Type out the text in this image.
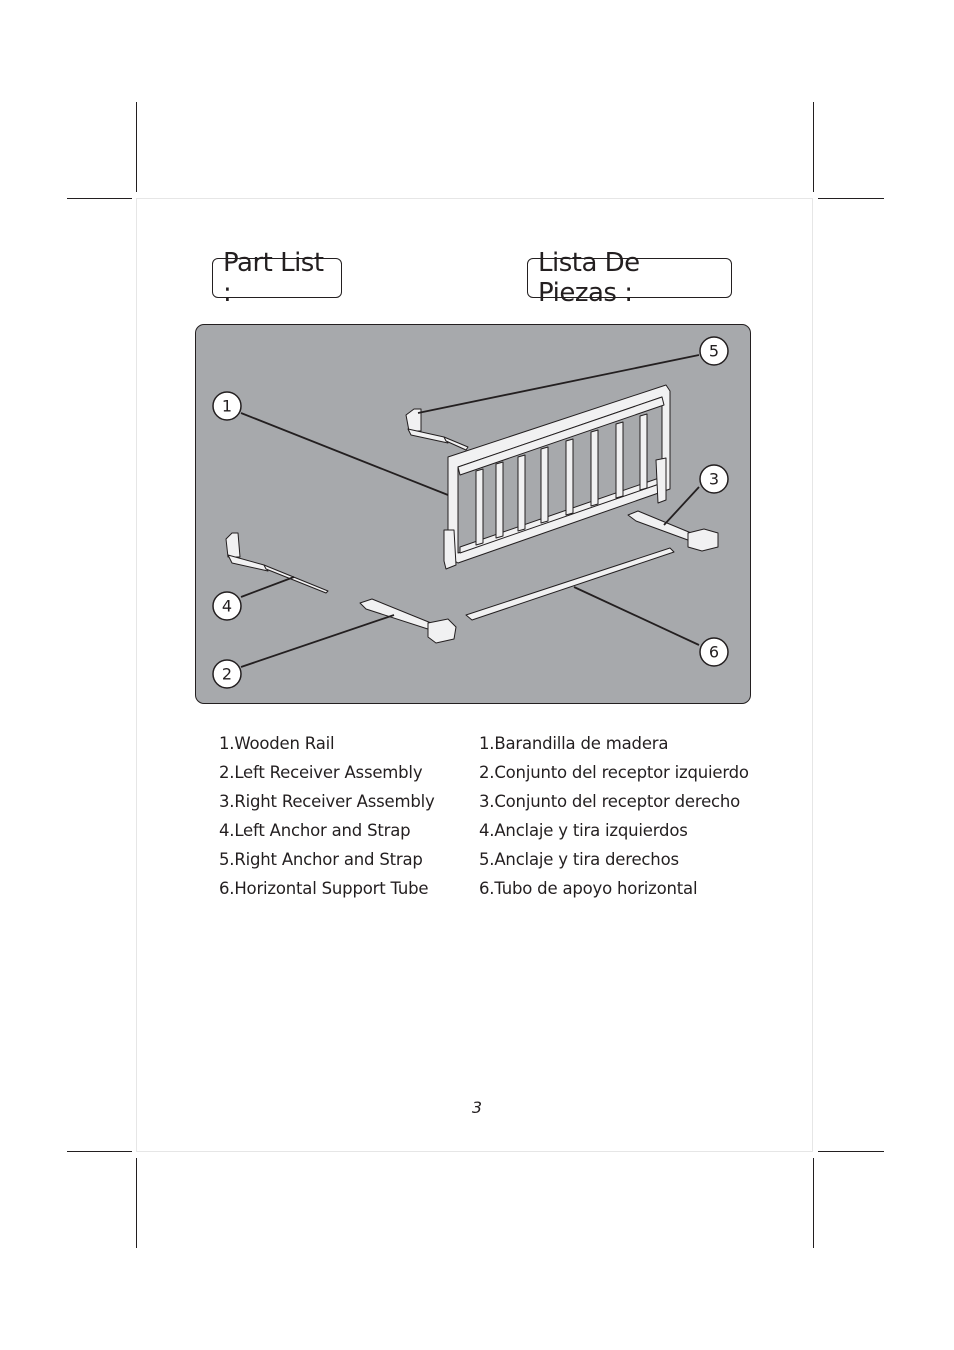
Part List :
Lista De Piezas :
1
2
3
4
5
6
1.Wooden Rail
2.Left Receiver Assembly
3.Right Receiver Assembly
4.Left Anchor and Strap
5.Right Anchor and Strap
6.Horizontal Support Tube
1.Barandilla de madera
2.Conjunto del receptor izquierdo
3.Conjunto del receptor derecho
4.Anclaje y tira izquierdos
5.Anclaje y tira derechos
6.Tubo de apoyo horizontal
3
